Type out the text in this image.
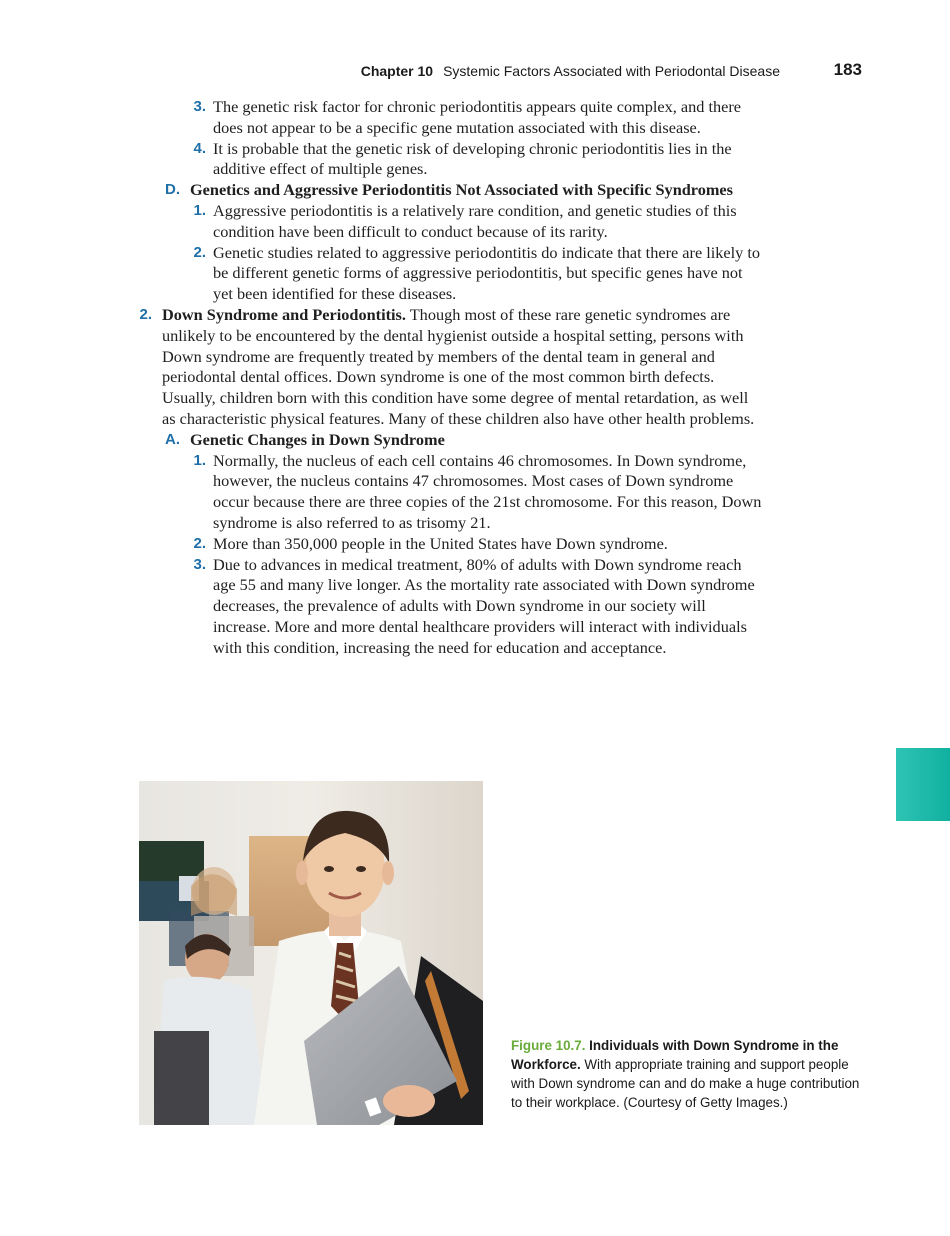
Chapter 10 Systemic Factors Associated with Periodontal Disease	183
3. The genetic risk factor for chronic periodontitis appears quite complex, and there does not appear to be a specific gene mutation associated with this disease.
4. It is probable that the genetic risk of developing chronic periodontitis lies in the additive effect of multiple genes.
D. Genetics and Aggressive Periodontitis Not Associated with Specific Syndromes
1. Aggressive periodontitis is a relatively rare condition, and genetic studies of this condition have been difficult to conduct because of its rarity.
2. Genetic studies related to aggressive periodontitis do indicate that there are likely to be different genetic forms of aggressive periodontitis, but specific genes have not yet been identified for these diseases.
2. Down Syndrome and Periodontitis. Though most of these rare genetic syndromes are unlikely to be encountered by the dental hygienist outside a hospital setting, persons with Down syndrome are frequently treated by members of the dental team in general and periodontal dental offices. Down syndrome is one of the most common birth defects. Usually, children born with this condition have some degree of mental retardation, as well as characteristic physical features. Many of these children also have other health problems.
A. Genetic Changes in Down Syndrome
1. Normally, the nucleus of each cell contains 46 chromosomes. In Down syndrome, however, the nucleus contains 47 chromosomes. Most cases of Down syndrome occur because there are three copies of the 21st chromosome. For this reason, Down syndrome is also referred to as trisomy 21.
2. More than 350,000 people in the United States have Down syndrome.
3. Due to advances in medical treatment, 80% of adults with Down syndrome reach age 55 and many live longer. As the mortality rate associated with Down syndrome decreases, the prevalence of adults with Down syndrome in our society will increase. More and more dental healthcare providers will interact with individuals with this condition, increasing the need for education and acceptance.
Figure 10.7. Individuals with Down Syndrome in the Workforce. With appropriate training and support people with Down syndrome can and do make a huge contribution to their workplace. (Courtesy of Getty Images.)
